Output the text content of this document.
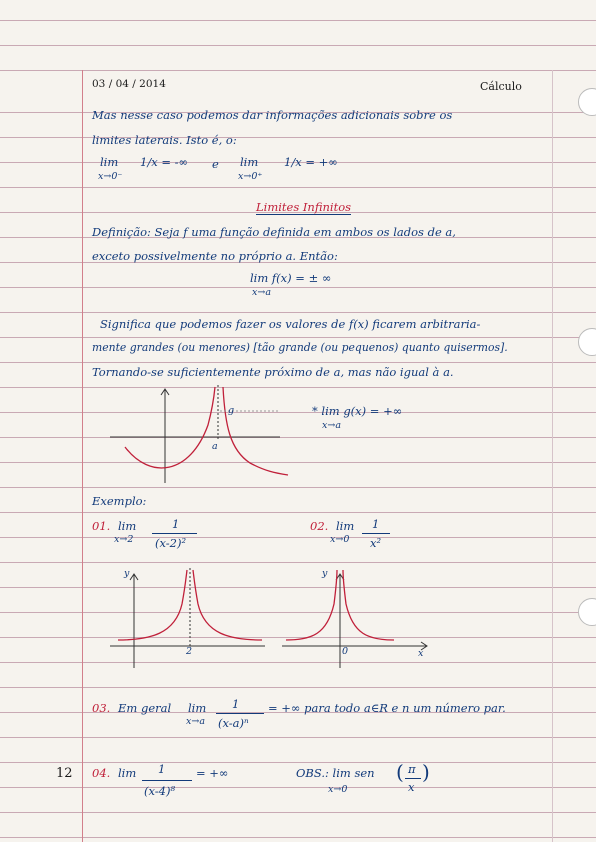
03 / 04 / 2014	Cálculo
Mas nesse caso podemos dar informações adicionais sobre os
limites laterais. Isto é, o:
lim 1/x = -∞
x→0⁻
e lim 1/x = +∞
x→0⁺
Limites Infinitos
Definição: Seja f uma função definida em ambos os lados de a,
exceto possivelmente no próprio a. Então:
lim f(x) = ± ∞
x→a
Significa que podemos fazer os valores de f(x) ficarem arbitraria-
mente grandes (ou menores) [tão grande (ou pequenos) quanto quisermos].
Tornando-se suficientemente próximo de a, mas não igual à a.
g
a
* lim g(x) = +∞
x→a
Exemplo:
01. lim
x→2
1
(x-2)²
02. lim
x→0
1
x²
y
2
y
0	x
03. Em geral lim
x→a
1
(x-a)ⁿ
= +∞ para todo a∈R e n um número par.
12 04. lim 1
(x-4)⁸
= +∞	OBS.: lim sen
x→0
( π
x
)
